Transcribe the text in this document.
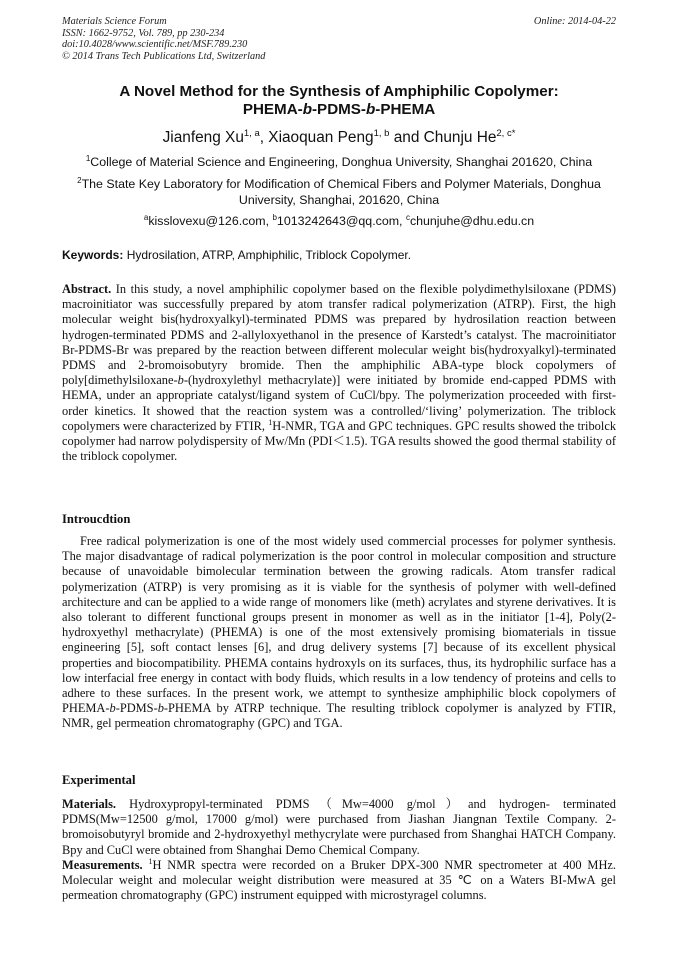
Materials Science Forum
ISSN: 1662-9752, Vol. 789, pp 230-234
doi:10.4028/www.scientific.net/MSF.789.230
© 2014 Trans Tech Publications Ltd, Switzerland
Online: 2014-04-22
A Novel Method for the Synthesis of Amphiphilic Copolymer:
PHEMA-b-PDMS-b-PHEMA
Jianfeng Xu$^{1, a}$, Xiaoquan Peng$^{1, b}$ and Chunju $He^{2, c*}$
$^1$College of Material Science and Engineering, Donghua University, Shanghai 201620, China
$^2$The State Key Laboratory for Modification of Chemical Fibers and Polymer Materials, Donghua University, Shanghai, 201620, China
$^a$kisslovexu@126.com, $^b$1013242643@qq.com, $^c$chunjuhe@dhu.edu.cn
Keywords: Hydrosilation, ATRP, Amphiphilic, Triblock Copolymer.

Abstract. In this study, a novel amphiphilic copolymer based on the flexible polydimethylsiloxane (PDMS) macroinitiator was successfully prepared by atom transfer radical polymerization (ATRP). First, the high molecular weight bis(hydroxyalkyl)-terminated PDMS was prepared by hydrosilation reaction between hydrogen-terminated PDMS and 2-allyloxyethanol in the presence of Karstedt’s catalyst. The macroinitiator Br-PDMS-Br was prepared by the reaction between different molecular weight bis(hydroxyalkyl)-terminated PDMS and 2-bromoisobutyry bromide. Then the amphiphilic ABA-type block copolymers of poly[dimethylsiloxane-b-(hydroxylethyl methacrylate)] were initiated by bromide end-capped PDMS with HEMA, under an appropriate catalyst/ligand system of CuCl/bpy. The polymerization proceeded with first-order kinetics. It showed that the reaction system was a controlled/‘living’ polymerization. The triblock copolymers were characterized by FTIR, $^1$H-NMR, TGA and GPC techniques. GPC results showed the tribolck copolymer had narrow polydispersity of Mw/Mn (PDI＜1.5). TGA results showed the good thermal stability of the triblock copolymer.

Introucdtion

Free radical polymerization is one of the most widely used commercial processes for polymer synthesis. The major disadvantage of radical polymerization is the poor control in molecular composition and structure because of unavoidable bimolecular termination between the growing radicals. Atom transfer radical polymerization (ATRP) is very promising as it is viable for the synthesis of polymer with well-defined architecture and can be applied to a wide range of monomers like (meth) acrylates and styrene derivatives. It is also tolerant to different functional groups present in monomer as well as in the initiator [1-4], Poly(2-hydroxyethyl methacrylate) (PHEMA) is one of the most extensively promising biomaterials in tissue engineering [5], soft contact lenses [6], and drug delivery systems [7] because of its excellent physical properties and biocompatibility. PHEMA contains hydroxyls on its surfaces, thus, its hydrophilic surface has a low interfacial free energy in contact with body fluids, which results in a low tendency of proteins and cells to adhere to these surfaces. In the present work, we attempt to synthesize amphiphilic block copolymers of PHEMA-b-PDMS-b-PHEMA by ATRP technique. The resulting triblock copolymer is analyzed by FTIR, NMR, gel permeation chromatography (GPC) and TGA.

Experimental

Materials. Hydroxypropyl-terminated PDMS（Mw=4000 g/mol）and hydrogen- terminated PDMS(Mw=12500 g/mol, 17000 g/mol) were purchased from Jiashan Jiangnan Textile Company. 2-bromoisobutyryl bromide and 2-hydroxyethyl methycrylate were purchased from Shanghai HATCH Company. Bpy and CuCl were obtained from Shanghai Demo Chemical Company.

Measurements. $^1$H NMR spectra were recorded on a Bruker DPX-300 NMR spectrometer at 400 MHz. Molecular weight and molecular weight distribution were measured at 35 ℃ on a Waters BI-MwA gel permeation chromatography (GPC) instrument equipped with microstyragel columns.
